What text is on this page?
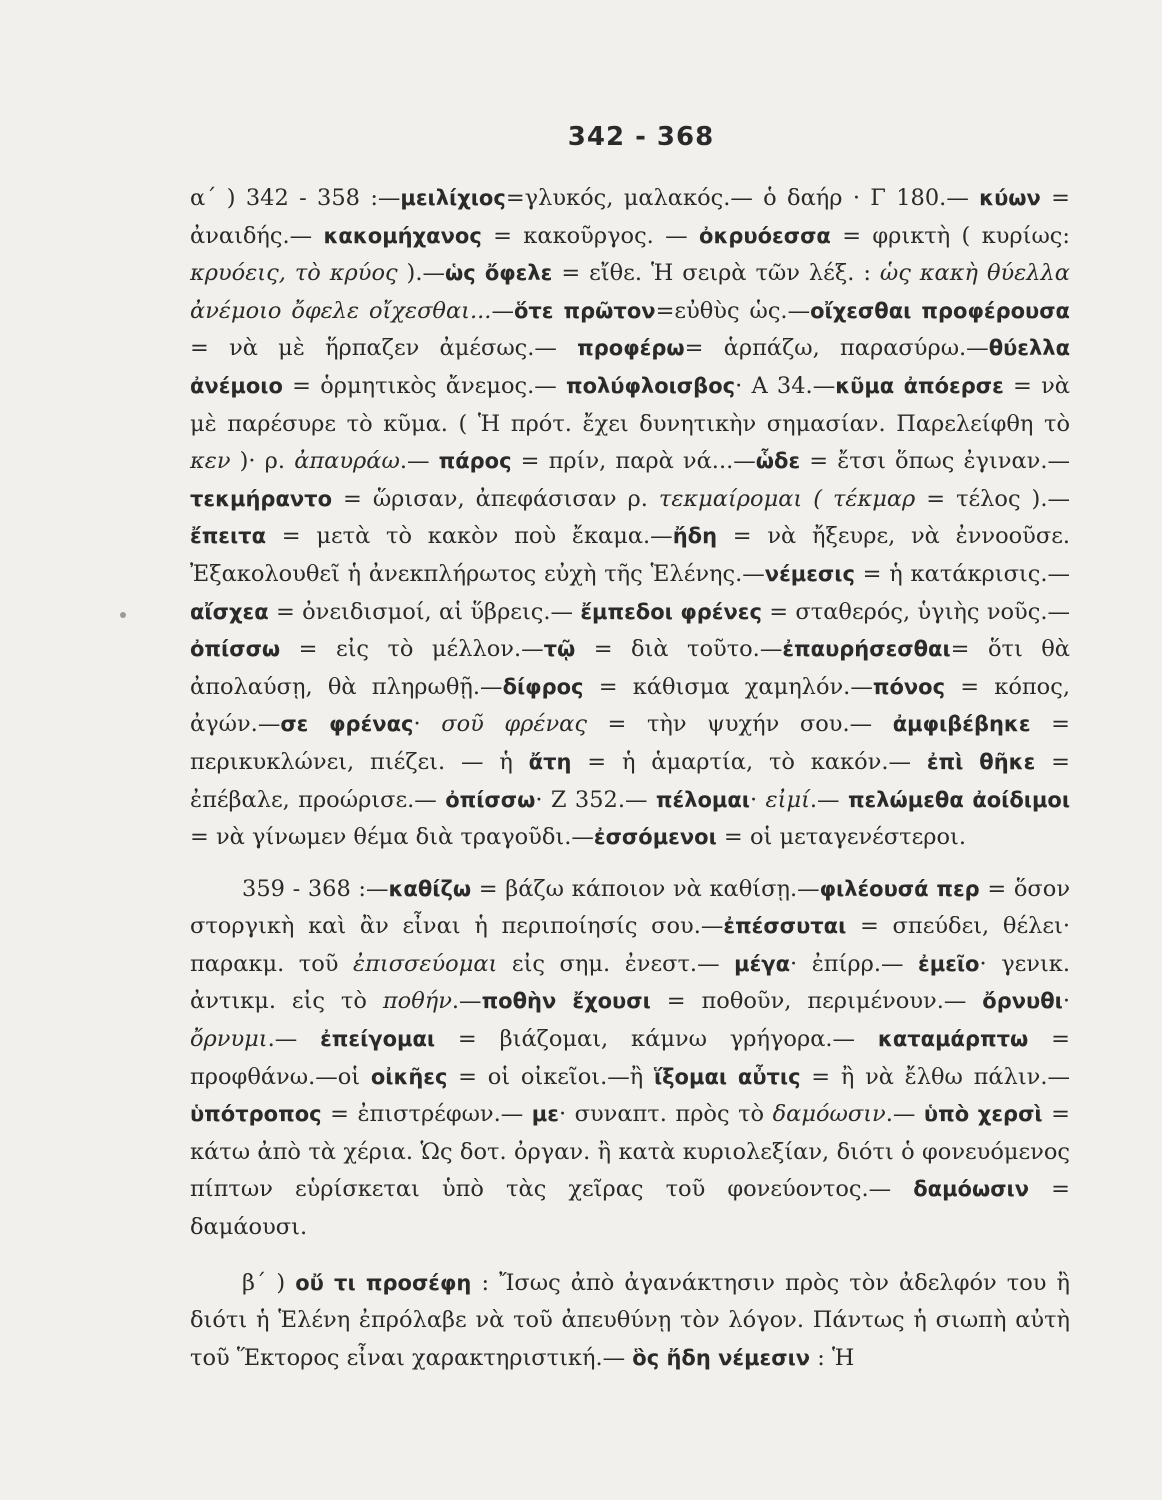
342 - 368

α΄ ) 342 - 358 :—μειλίχιος=γλυκός, μαλακός.— ὁ δαήρ · Γ 180.— κύων = ἀναιδής.— κακομήχανος = κακοῦργος. — ὀκρυόεσσα = φρικτὴ ( κυρίως: κρυόεις, τὸ κρύος ).—ὡς ὄφελε = εἴθε. Ἡ σειρὰ τῶν λέξ. : ὡς κακὴ θύελλα ἀνέμοιο ὄφελε οἴχεσθαι...—ὅτε πρῶτον=εὐθὺς ὡς.—οἴχεσθαι προφέρουσα = νὰ μὲ ἥρπαζεν ἀμέσως.— προφέρω= ἁρπάζω, παρασύρω.—θύελλα ἀνέμοιο = ὁρμητικὸς ἄνεμος.— πολύφλοισβος· Α 34.—κῦμα ἀπόερσε = νὰ μὲ παρέσυρε τὸ κῦμα. ( Ἡ πρότ. ἔχει δυνητικὴν σημασίαν. Παρελείφθη τὸ κεν )· ρ. ἀπαυράω.— πάρος = πρίν, παρὰ νά...—ὧδε = ἔτσι ὅπως ἐγιναν.—τεκμήραντο = ὥρισαν, ἀπεφάσισαν ρ. τεκμαίρομαι ( τέκμαρ = τέλος ).—ἔπειτα = μετὰ τὸ κακὸν ποὺ ἔκαμα.—ἤδη = νὰ ἤξευρε, νὰ ἐννοοῦσε. Ἐξακολουθεῖ ἡ ἀνεκπλήρωτος εὐχὴ τῆς Ἑλένης.—νέμεσις = ἡ κατάκρισις.— αἴσχεα = ὀνειδισμοί, αἱ ὕβρεις.— ἔμπεδοι φρένες = σταθερός, ὑγιὴς νοῦς.—ὀπίσσω = εἰς τὸ μέλλον.—τῷ = διὰ τοῦτο.—ἐπαυρήσεσθαι= ὅτι θὰ ἀπολαύσῃ, θὰ πληρωθῇ.—δίφρος = κάθισμα χαμηλόν.—πόνος = κόπος, ἀγών.—σε φρένας· σοῦ φρένας = τὴν ψυχήν σου.— ἀμφιβέβηκε = περικυκλώνει, πιέζει. — ἡ ἄτη = ἡ ἁμαρτία, τὸ κακόν.— ἐπὶ θῆκε = ἐπέβαλε, προώρισε.— ὀπίσσω· Ζ 352.— πέλομαι· εἰμί.— πελώμεθα ἀοίδιμοι = νὰ γίνωμεν θέμα διὰ τραγοῦδι.—ἐσσόμενοι = οἱ μεταγενέστεροι.

359 - 368 :—καθίζω = βάζω κάποιον νὰ καθίσῃ.—φιλέουσά περ = ὅσον στοργικὴ καὶ ἂν εἶναι ἡ περιποίησίς σου.—ἐπέσσυται = σπεύδει, θέλει· παρακμ. τοῦ ἐπισσεύομαι εἰς σημ. ἐνεστ.— μέγα· ἐπίρρ.— ἐμεῖο· γενικ. ἀντικμ. εἰς τὸ ποθήν.—ποθὴν ἔχουσι = ποθοῦν, περιμένουν.— ὄρνυθι· ὄρνυμι.— ἐπείγομαι = βιάζομαι, κάμνω γρήγορα.— καταμάρπτω = προφθάνω.—οἱ οἰκῆες = οἱ οἰκεῖοι.—ἢ ἵξομαι αὖτις = ἢ νὰ ἔλθω πάλιν.— ὑπότροπος = ἐπιστρέφων.— με· συναπτ. πρὸς τὸ δαμόωσιν.— ὑπὸ χερσὶ = κάτω ἀπὸ τὰ χέρια. Ὡς δοτ. ὀργαν. ἢ κατὰ κυριολεξίαν, διότι ὁ φονευόμενος πίπτων εὑρίσκεται ὑπὸ τὰς χεῖρας τοῦ φονεύοντος.— δαμόωσιν = δαμάουσι.

β΄ ) οὔ τι προσέφη : Ἴσως ἀπὸ ἀγανάκτησιν πρὸς τὸν ἀδελφόν του ἢ διότι ἡ Ἑλένη ἐπρόλαβε νὰ τοῦ ἀπευθύνῃ τὸν λόγον. Πάντως ἡ σιωπὴ αὐτὴ τοῦ Ἕκτορος εἶναι χαρακτηριστική.— ὃς ἤδη νέμεσιν : Ἡ
